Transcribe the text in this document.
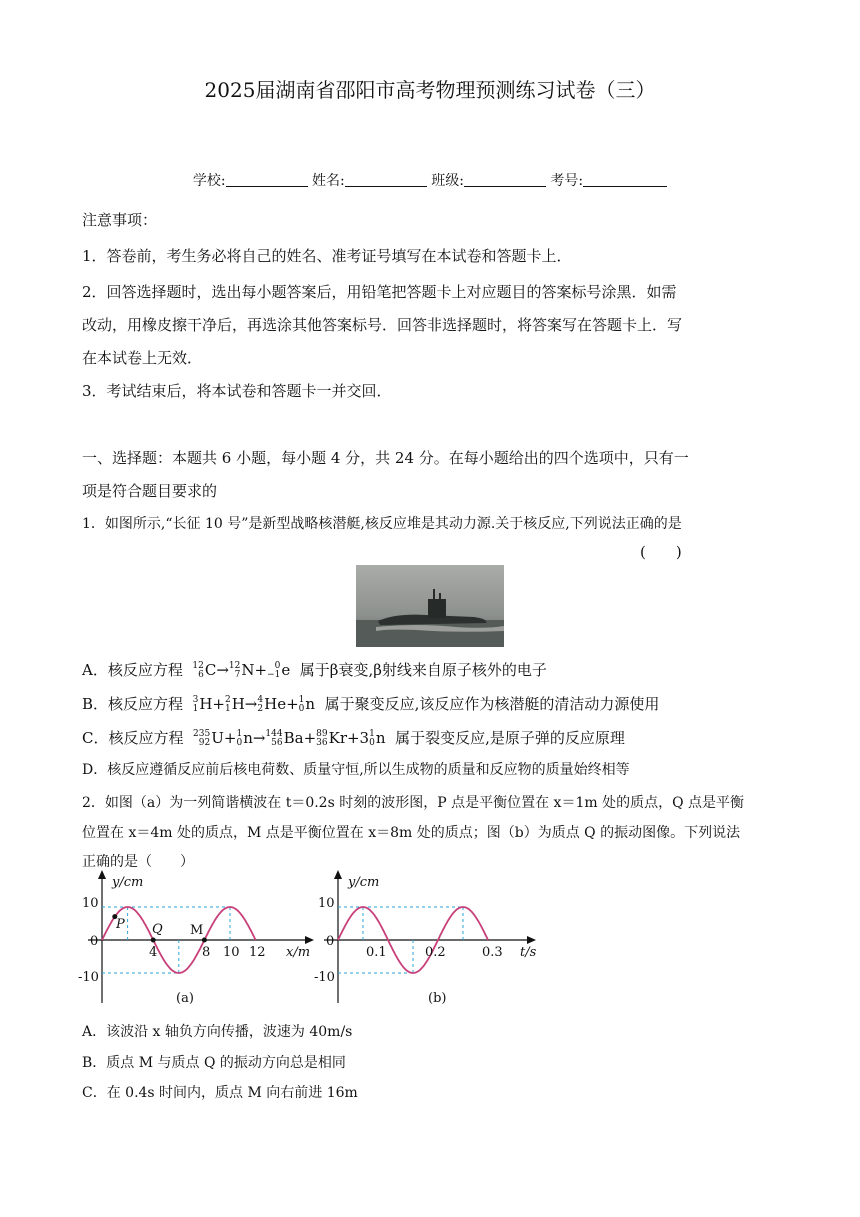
2025届湖南省邵阳市高考物理预测练习试卷（三）
学校:	姓名:	班级:	考号:
注意事项：
1．答卷前，考生务必将自己的姓名、准考证号填写在本试卷和答题卡上．
2．回答选择题时，选出每小题答案后，用铅笔把答题卡上对应题目的答案标号涂黑．如需
改动，用橡皮擦干净后，再选涂其他答案标号．回答非选择题时，将答案写在答题卡上．写
在本试卷上无效．
3．考试结束后，将本试卷和答题卡一并交回．
一、选择题：本题共 6 小题，每小题 4 分，共 24 分。在每小题给出的四个选项中，只有一
项是符合题目要求的
1．如图所示,“长征 10 号”是新型战略核潜艇,核反应堆是其动力源.关于核反应,下列说法正确的是
(　　)
A．核反应方程 12
6 C→ 12
7 N+ 0
−1 e  属于β衰变,β射线来自原子核外的电子
B．核反应方程 3
1 H+ 2
1 H→ 4
2 He+ 1
0 n  属于聚变反应,该反应作为核潜艇的清洁动力源使用
C．核反应方程 235
92 U+ 1
0 n→ 144
56 Ba+ 89
36 Kr+3 1
0 n  属于裂变反应,是原子弹的反应原理
D．核反应遵循反应前后核电荷数、质量守恒,所以生成物的质量和反应物的质量始终相等
2．如图（a）为一列简谐横波在 t＝0.2s 时刻的波形图，P 点是平衡位置在 x＝1m 处的质点，Q 点是平衡
位置在 x＝4m 处的质点，M 点是平衡位置在 x＝8m 处的质点；图（b）为质点 Q 的振动图像。下列说法
正确的是（　　）
10
-10
0
y/cm
x/m
4	8 10 12
P Q M
(a)
10
-10
0
y/cm
t/s
0.1	0.2	0.3
(b)
A．该波沿 x 轴负方向传播，波速为 40m/s
B．质点 M 与质点 Q 的振动方向总是相同
C．在 0.4s 时间内，质点 M 向右前进 16m
